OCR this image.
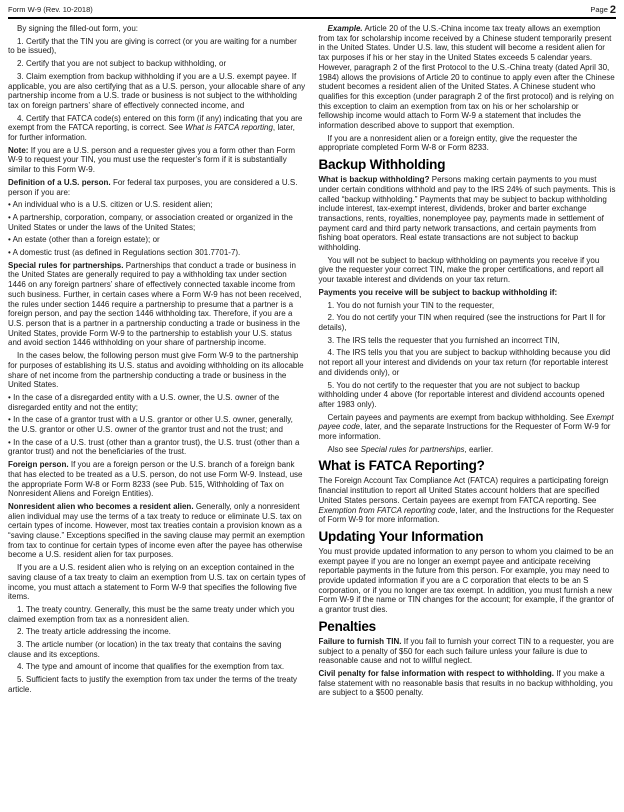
Form W-9 (Rev. 10-2018)	Page 2

By signing the filled-out form, you:

1. Certify that the TIN you are giving is correct (or you are waiting for a number to be issued),

2. Certify that you are not subject to backup withholding, or

3. Claim exemption from backup withholding if you are a U.S. exempt payee. If applicable, you are also certifying that as a U.S. person, your allocable share of any partnership income from a U.S. trade or business is not subject to the withholding tax on foreign partners’ share of effectively connected income, and

4. Certify that FATCA code(s) entered on this form (if any) indicating that you are exempt from the FATCA reporting, is correct. See What is FATCA reporting, later, for further information.

Note: If you are a U.S. person and a requester gives you a form other than Form W-9 to request your TIN, you must use the requester’s form if it is substantially similar to this Form W-9.

Definition of a U.S. person. For federal tax purposes, you are considered a U.S. person if you are:

• An individual who is a U.S. citizen or U.S. resident alien;

• A partnership, corporation, company, or association created or organized in the United States or under the laws of the United States;

• An estate (other than a foreign estate); or

• A domestic trust (as defined in Regulations section 301.7701-7).

Special rules for partnerships. Partnerships that conduct a trade or business in the United States are generally required to pay a withholding tax under section 1446 on any foreign partners’ share of effectively connected taxable income from such business. Further, in certain cases where a Form W-9 has not been received, the rules under section 1446 require a partnership to presume that a partner is a foreign person, and pay the section 1446 withholding tax. Therefore, if you are a U.S. person that is a partner in a partnership conducting a trade or business in the United States, provide Form W-9 to the partnership to establish your U.S. status and avoid section 1446 withholding on your share of partnership income.

In the cases below, the following person must give Form W-9 to the partnership for purposes of establishing its U.S. status and avoiding withholding on its allocable share of net income from the partnership conducting a trade or business in the United States.

• In the case of a disregarded entity with a U.S. owner, the U.S. owner of the disregarded entity and not the entity;

• In the case of a grantor trust with a U.S. grantor or other U.S. owner, generally, the U.S. grantor or other U.S. owner of the grantor trust and not the trust; and

• In the case of a U.S. trust (other than a grantor trust), the U.S. trust (other than a grantor trust) and not the beneficiaries of the trust.

Foreign person. If you are a foreign person or the U.S. branch of a foreign bank that has elected to be treated as a U.S. person, do not use Form W-9. Instead, use the appropriate Form W-8 or Form 8233 (see Pub. 515, Withholding of Tax on Nonresident Aliens and Foreign Entities).

Nonresident alien who becomes a resident alien. Generally, only a nonresident alien individual may use the terms of a tax treaty to reduce or eliminate U.S. tax on certain types of income. However, most tax treaties contain a provision known as a “saving clause.” Exceptions specified in the saving clause may permit an exemption from tax to continue for certain types of income even after the payee has otherwise become a U.S. resident alien for tax purposes.

If you are a U.S. resident alien who is relying on an exception contained in the saving clause of a tax treaty to claim an exemption from U.S. tax on certain types of income, you must attach a statement to Form W-9 that specifies the following five items.

1. The treaty country. Generally, this must be the same treaty under which you claimed exemption from tax as a nonresident alien.

2. The treaty article addressing the income.

3. The article number (or location) in the tax treaty that contains the saving clause and its exceptions.

4. The type and amount of income that qualifies for the exemption from tax.

5. Sufficient facts to justify the exemption from tax under the terms of the treaty article.

Example. Article 20 of the U.S.-China income tax treaty allows an exemption from tax for scholarship income received by a Chinese student temporarily present in the United States. Under U.S. law, this student will become a resident alien for tax purposes if his or her stay in the United States exceeds 5 calendar years. However, paragraph 2 of the first Protocol to the U.S.-China treaty (dated April 30, 1984) allows the provisions of Article 20 to continue to apply even after the Chinese student becomes a resident alien of the United States. A Chinese student who qualifies for this exception (under paragraph 2 of the first protocol) and is relying on this exception to claim an exemption from tax on his or her scholarship or fellowship income would attach to Form W-9 a statement that includes the information described above to support that exemption.

If you are a nonresident alien or a foreign entity, give the requester the appropriate completed Form W-8 or Form 8233.

Backup Withholding

What is backup withholding? Persons making certain payments to you must under certain conditions withhold and pay to the IRS 24% of such payments. This is called “backup withholding.” Payments that may be subject to backup withholding include interest, tax-exempt interest, dividends, broker and barter exchange transactions, rents, royalties, nonemployee pay, payments made in settlement of payment card and third party network transactions, and certain payments from fishing boat operators. Real estate transactions are not subject to backup withholding.

You will not be subject to backup withholding on payments you receive if you give the requester your correct TIN, make the proper certifications, and report all your taxable interest and dividends on your tax return.

Payments you receive will be subject to backup withholding if:

1. You do not furnish your TIN to the requester,

2. You do not certify your TIN when required (see the instructions for Part II for details),

3. The IRS tells the requester that you furnished an incorrect TIN,

4. The IRS tells you that you are subject to backup withholding because you did not report all your interest and dividends on your tax return (for reportable interest and dividends only), or

5. You do not certify to the requester that you are not subject to backup withholding under 4 above (for reportable interest and dividend accounts opened after 1983 only).

Certain payees and payments are exempt from backup withholding. See Exempt payee code, later, and the separate Instructions for the Requester of Form W-9 for more information.

Also see Special rules for partnerships, earlier.

What is FATCA Reporting?

The Foreign Account Tax Compliance Act (FATCA) requires a participating foreign financial institution to report all United States account holders that are specified United States persons. Certain payees are exempt from FATCA reporting. See Exemption from FATCA reporting code, later, and the Instructions for the Requester of Form W-9 for more information.

Updating Your Information

You must provide updated information to any person to whom you claimed to be an exempt payee if you are no longer an exempt payee and anticipate receiving reportable payments in the future from this person. For example, you may need to provide updated information if you are a C corporation that elects to be an S corporation, or if you no longer are tax exempt. In addition, you must furnish a new Form W-9 if the name or TIN changes for the account; for example, if the grantor of a grantor trust dies.

Penalties

Failure to furnish TIN. If you fail to furnish your correct TIN to a requester, you are subject to a penalty of $50 for each such failure unless your failure is due to reasonable cause and not to willful neglect.

Civil penalty for false information with respect to withholding. If you make a false statement with no reasonable basis that results in no backup withholding, you are subject to a $500 penalty.
